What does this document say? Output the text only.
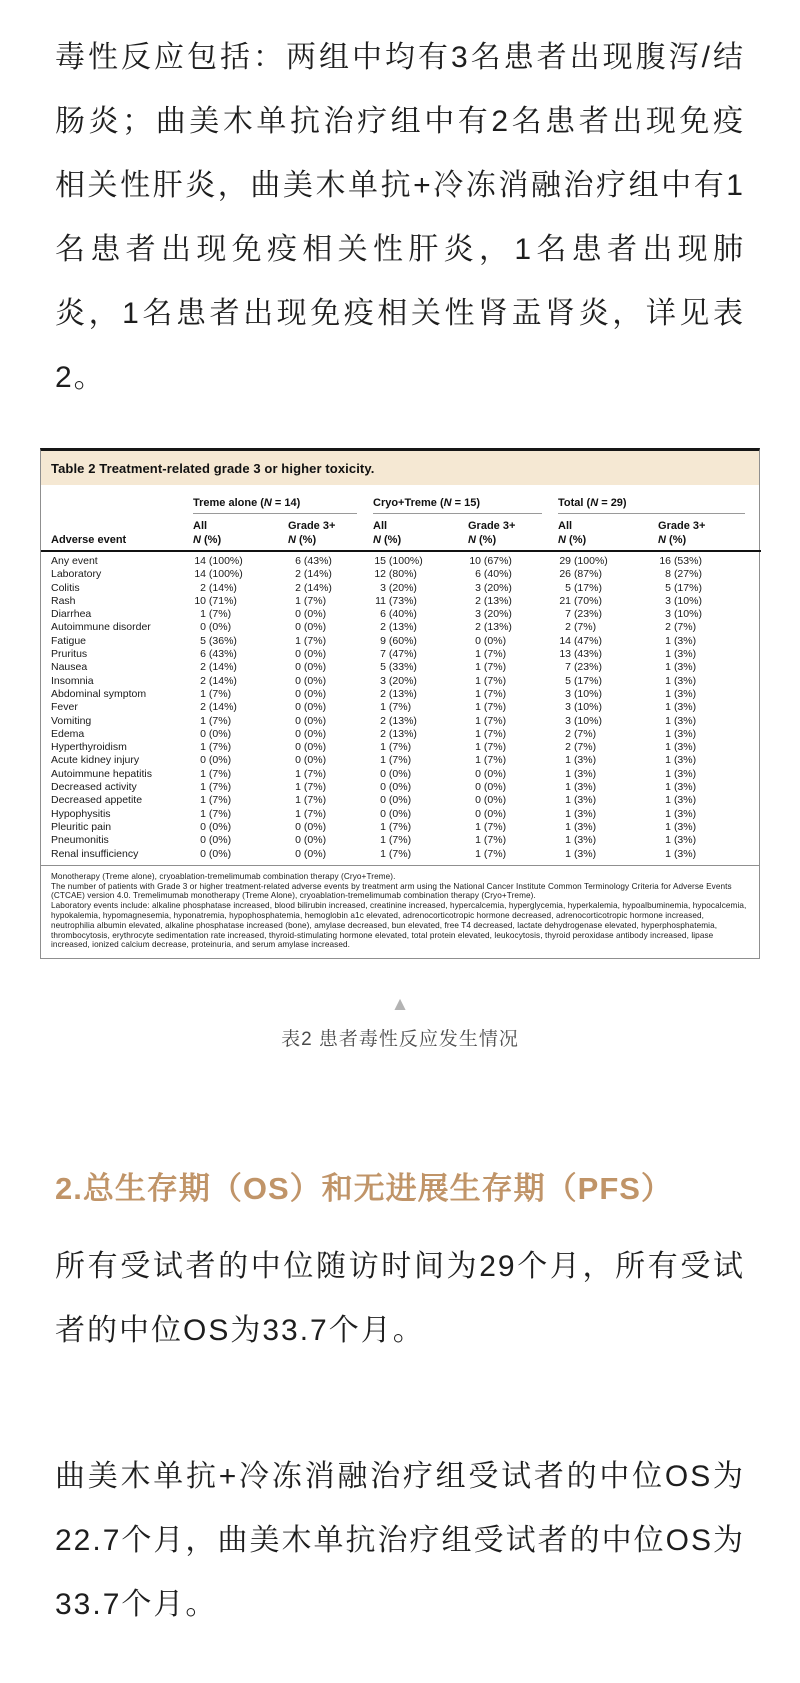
毒性反应包括：两组中均有3名患者出现腹泻/结肠炎；曲美木单抗治疗组中有2名患者出现免疫相关性肝炎，曲美木单抗+冷冻消融治疗组中有1名患者出现免疫相关性肝炎，1名患者出现肺炎，1名患者出现免疫相关性肾盂肾炎，详见表2。

Table 2 Treatment-related grade 3 or higher toxicity.

	Treme alone (N = 14)		Cryo+Treme (N = 15)		Total (N = 29)	

	All	Grade 3+	All	Grade 3+	All	Grade 3+
Adverse event	N (%)	N (%)	N (%)	N (%)	N (%)	N (%)
Any event	14 (100%)	6 (43%)	15 (100%)	10 (67%)	29 (100%)	16 (53%)
Laboratory	14 (100%)	2 (14%)	12 (80%)	6 (40%)	26 (87%)	8 (27%)
Colitis	2 (14%)	2 (14%)	3 (20%)	3 (20%)	5 (17%)	5 (17%)
Rash	10 (71%)	1 (7%)	11 (73%)	2 (13%)	21 (70%)	3 (10%)
Diarrhea	1 (7%)	0 (0%)	6 (40%)	3 (20%)	7 (23%)	3 (10%)
Autoimmune disorder	0 (0%)	0 (0%)	2 (13%)	2 (13%)	2 (7%)	2 (7%)
Fatigue	5 (36%)	1 (7%)	9 (60%)	0 (0%)	14 (47%)	1 (3%)
Pruritus	6 (43%)	0 (0%)	7 (47%)	1 (7%)	13 (43%)	1 (3%)
Nausea	2 (14%)	0 (0%)	5 (33%)	1 (7%)	7 (23%)	1 (3%)
Insomnia	2 (14%)	0 (0%)	3 (20%)	1 (7%)	5 (17%)	1 (3%)
Abdominal symptom	1 (7%)	0 (0%)	2 (13%)	1 (7%)	3 (10%)	1 (3%)
Fever	2 (14%)	0 (0%)	1 (7%)	1 (7%)	3 (10%)	1 (3%)
Vomiting	1 (7%)	0 (0%)	2 (13%)	1 (7%)	3 (10%)	1 (3%)
Edema	0 (0%)	0 (0%)	2 (13%)	1 (7%)	2 (7%)	1 (3%)
Hyperthyroidism	1 (7%)	0 (0%)	1 (7%)	1 (7%)	2 (7%)	1 (3%)
Acute kidney injury	0 (0%)	0 (0%)	1 (7%)	1 (7%)	1 (3%)	1 (3%)
Autoimmune hepatitis	1 (7%)	1 (7%)	0 (0%)	0 (0%)	1 (3%)	1 (3%)
Decreased activity	1 (7%)	1 (7%)	0 (0%)	0 (0%)	1 (3%)	1 (3%)
Decreased appetite	1 (7%)	1 (7%)	0 (0%)	0 (0%)	1 (3%)	1 (3%)
Hypophysitis	1 (7%)	1 (7%)	0 (0%)	0 (0%)	1 (3%)	1 (3%)
Pleuritic pain	0 (0%)	0 (0%)	1 (7%)	1 (7%)	1 (3%)	1 (3%)
Pneumonitis	0 (0%)	0 (0%)	1 (7%)	1 (7%)	1 (3%)	1 (3%)
Renal insufficiency	0 (0%)	0 (0%)	1 (7%)	1 (7%)	1 (3%)	1 (3%)
Monotherapy (Treme alone), cryoablation-tremelimumab combination therapy (Cryo+Treme).
The number of patients with Grade 3 or higher treatment-related adverse events by treatment arm using the National Cancer Institute Common Terminology Criteria for Adverse Events (CTCAE) version 4.0. Tremelimumab monotherapy (Treme Alone), cryoablation-tremelimumab combination therapy (Cryo+Treme).
Laboratory events include: alkaline phosphatase increased, blood bilirubin increased, creatinine increased, hypercalcemia, hyperglycemia, hyperkalemia, hypoalbuminemia, hypocalcemia, hypokalemia, hypomagnesemia, hyponatremia, hypophosphatemia, hemoglobin a1c elevated, adrenocorticotropic hormone decreased, adrenocorticotropic hormone increased, neutrophilia albumin elevated, alkaline phosphatase increased (bone), amylase decreased, bun elevated, free T4 decreased, lactate dehydrogenase elevated, hyperphosphatemia, thrombocytosis, erythrocyte sedimentation rate increased, thyroid-stimulating hormone elevated, total protein elevated, leukocytosis, thyroid peroxidase antibody increased, lipase increased, ionized calcium decrease, proteinuria, and serum amylase increased.
▲
表2 患者毒性反应发生情况
2.总生存期（OS）和无进展生存期（PFS）

所有受试者的中位随访时间为29个月，所有受试者的中位OS为33.7个月。

曲美木单抗+冷冻消融治疗组受试者的中位OS为22.7个月，曲美木单抗治疗组受试者的中位OS为33.7个月。
